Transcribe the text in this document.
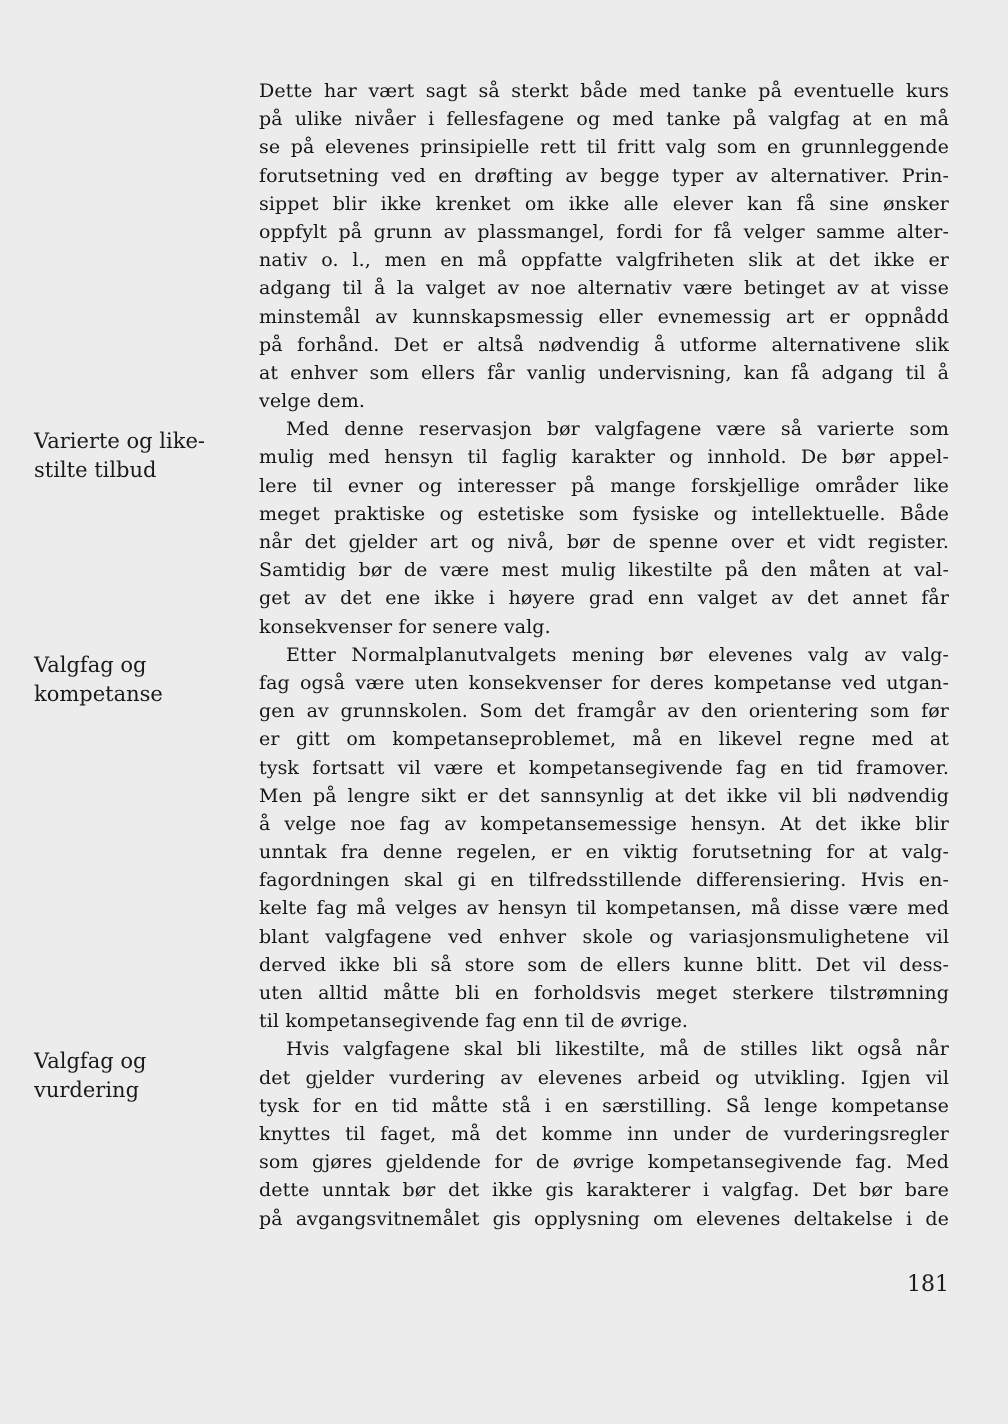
Varierte og like-
stilte tilbud
Valgfag og
kompetanse
Valgfag og
vurdering
Dette har vært sagt så sterkt både med tanke på eventuelle kurs
på ulike nivåer i fellesfagene og med tanke på valgfag at en må
se på elevenes prinsipielle rett til fritt valg som en grunnleggende
forutsetning ved en drøfting av begge typer av alternativer. Prin-
sippet blir ikke krenket om ikke alle elever kan få sine ønsker
oppfylt på grunn av plassmangel, fordi for få velger samme alter-
nativ o. l., men en må oppfatte valgfriheten slik at det ikke er
adgang til å la valget av noe alternativ være betinget av at visse
minstemål av kunnskapsmessig eller evnemessig art er oppnådd
på forhånd. Det er altså nødvendig å utforme alternativene slik
at enhver som ellers får vanlig undervisning, kan få adgang til å
velge dem.
Med denne reservasjon bør valgfagene være så varierte som
mulig med hensyn til faglig karakter og innhold. De bør appel-
lere til evner og interesser på mange forskjellige områder like
meget praktiske og estetiske som fysiske og intellektuelle. Både
når det gjelder art og nivå, bør de spenne over et vidt register.
Samtidig bør de være mest mulig likestilte på den måten at val-
get av det ene ikke i høyere grad enn valget av det annet får
konsekvenser for senere valg.
Etter Normalplanutvalgets mening bør elevenes valg av valg-
fag også være uten konsekvenser for deres kompetanse ved utgan-
gen av grunnskolen. Som det framgår av den orientering som før
er gitt om kompetanseproblemet, må en likevel regne med at
tysk fortsatt vil være et kompetansegivende fag en tid framover.
Men på lengre sikt er det sannsynlig at det ikke vil bli nødvendig
å velge noe fag av kompetansemessige hensyn. At det ikke blir
unntak fra denne regelen, er en viktig forutsetning for at valg-
fagordningen skal gi en tilfredsstillende differensiering. Hvis en-
kelte fag må velges av hensyn til kompetansen, må disse være med
blant valgfagene ved enhver skole og variasjonsmulighetene vil
derved ikke bli så store som de ellers kunne blitt. Det vil dess-
uten alltid måtte bli en forholdsvis meget sterkere tilstrømning
til kompetansegivende fag enn til de øvrige.
Hvis valgfagene skal bli likestilte, må de stilles likt også når
det gjelder vurdering av elevenes arbeid og utvikling. Igjen vil
tysk for en tid måtte stå i en særstilling. Så lenge kompetanse
knyttes til faget, må det komme inn under de vurderingsregler
som gjøres gjeldende for de øvrige kompetansegivende fag. Med
dette unntak bør det ikke gis karakterer i valgfag. Det bør bare
på avgangsvitnemålet gis opplysning om elevenes deltakelse i de
181
